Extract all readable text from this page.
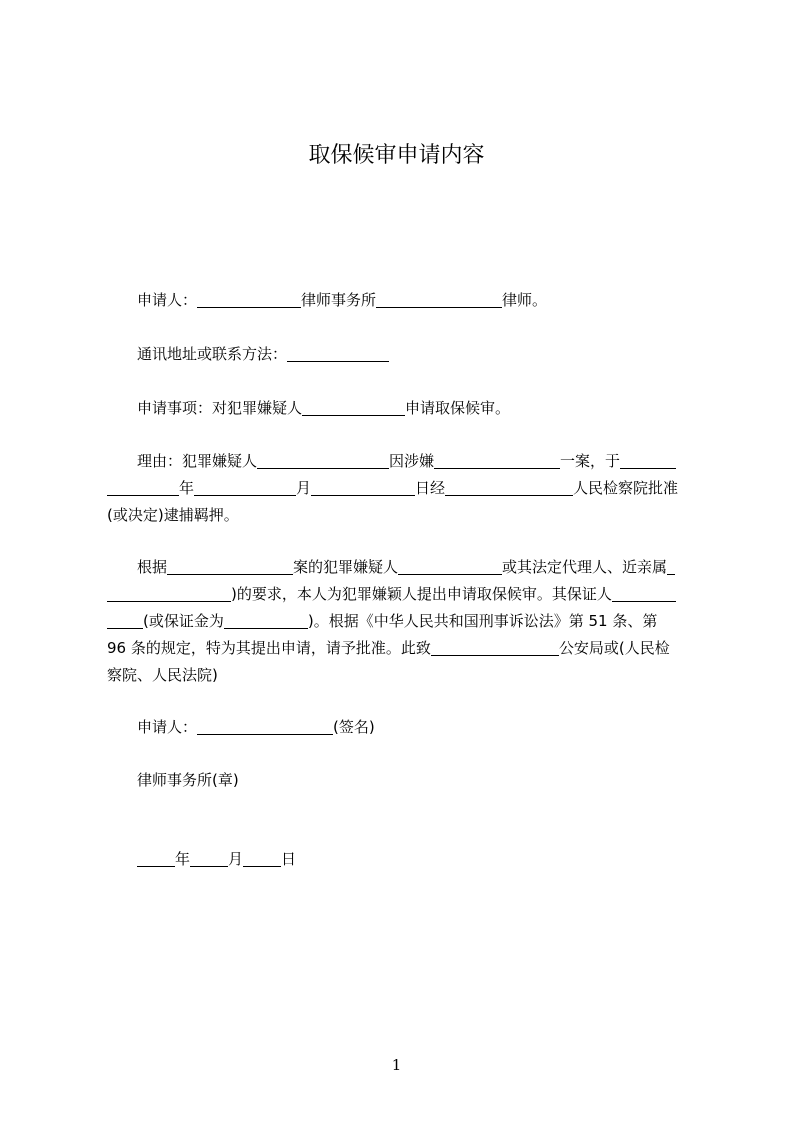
取保候审申请内容
申请人：	律师事务所	律师。
通讯地址或联系方法：
申请事项：对犯罪嫌疑人	申请取保候审。
理由：犯罪嫌疑人	因涉嫌	一案，于
年	月	日经	人民检察院批准
(或决定)逮捕羁押。
根据	案的犯罪嫌疑人	或其法定代理人、近亲属
)的要求，本人为犯罪嫌颖人提出申请取保候审。其保证人
(或保证金为	)。根据《中华人民共和国刑事诉讼法》第 51 条、第
96 条的规定，特为其提出申请，请予批准。此致	公安局或(人民检
察院、人民法院)
申请人：	(签名)
律师事务所(章)
年	月	日
1
